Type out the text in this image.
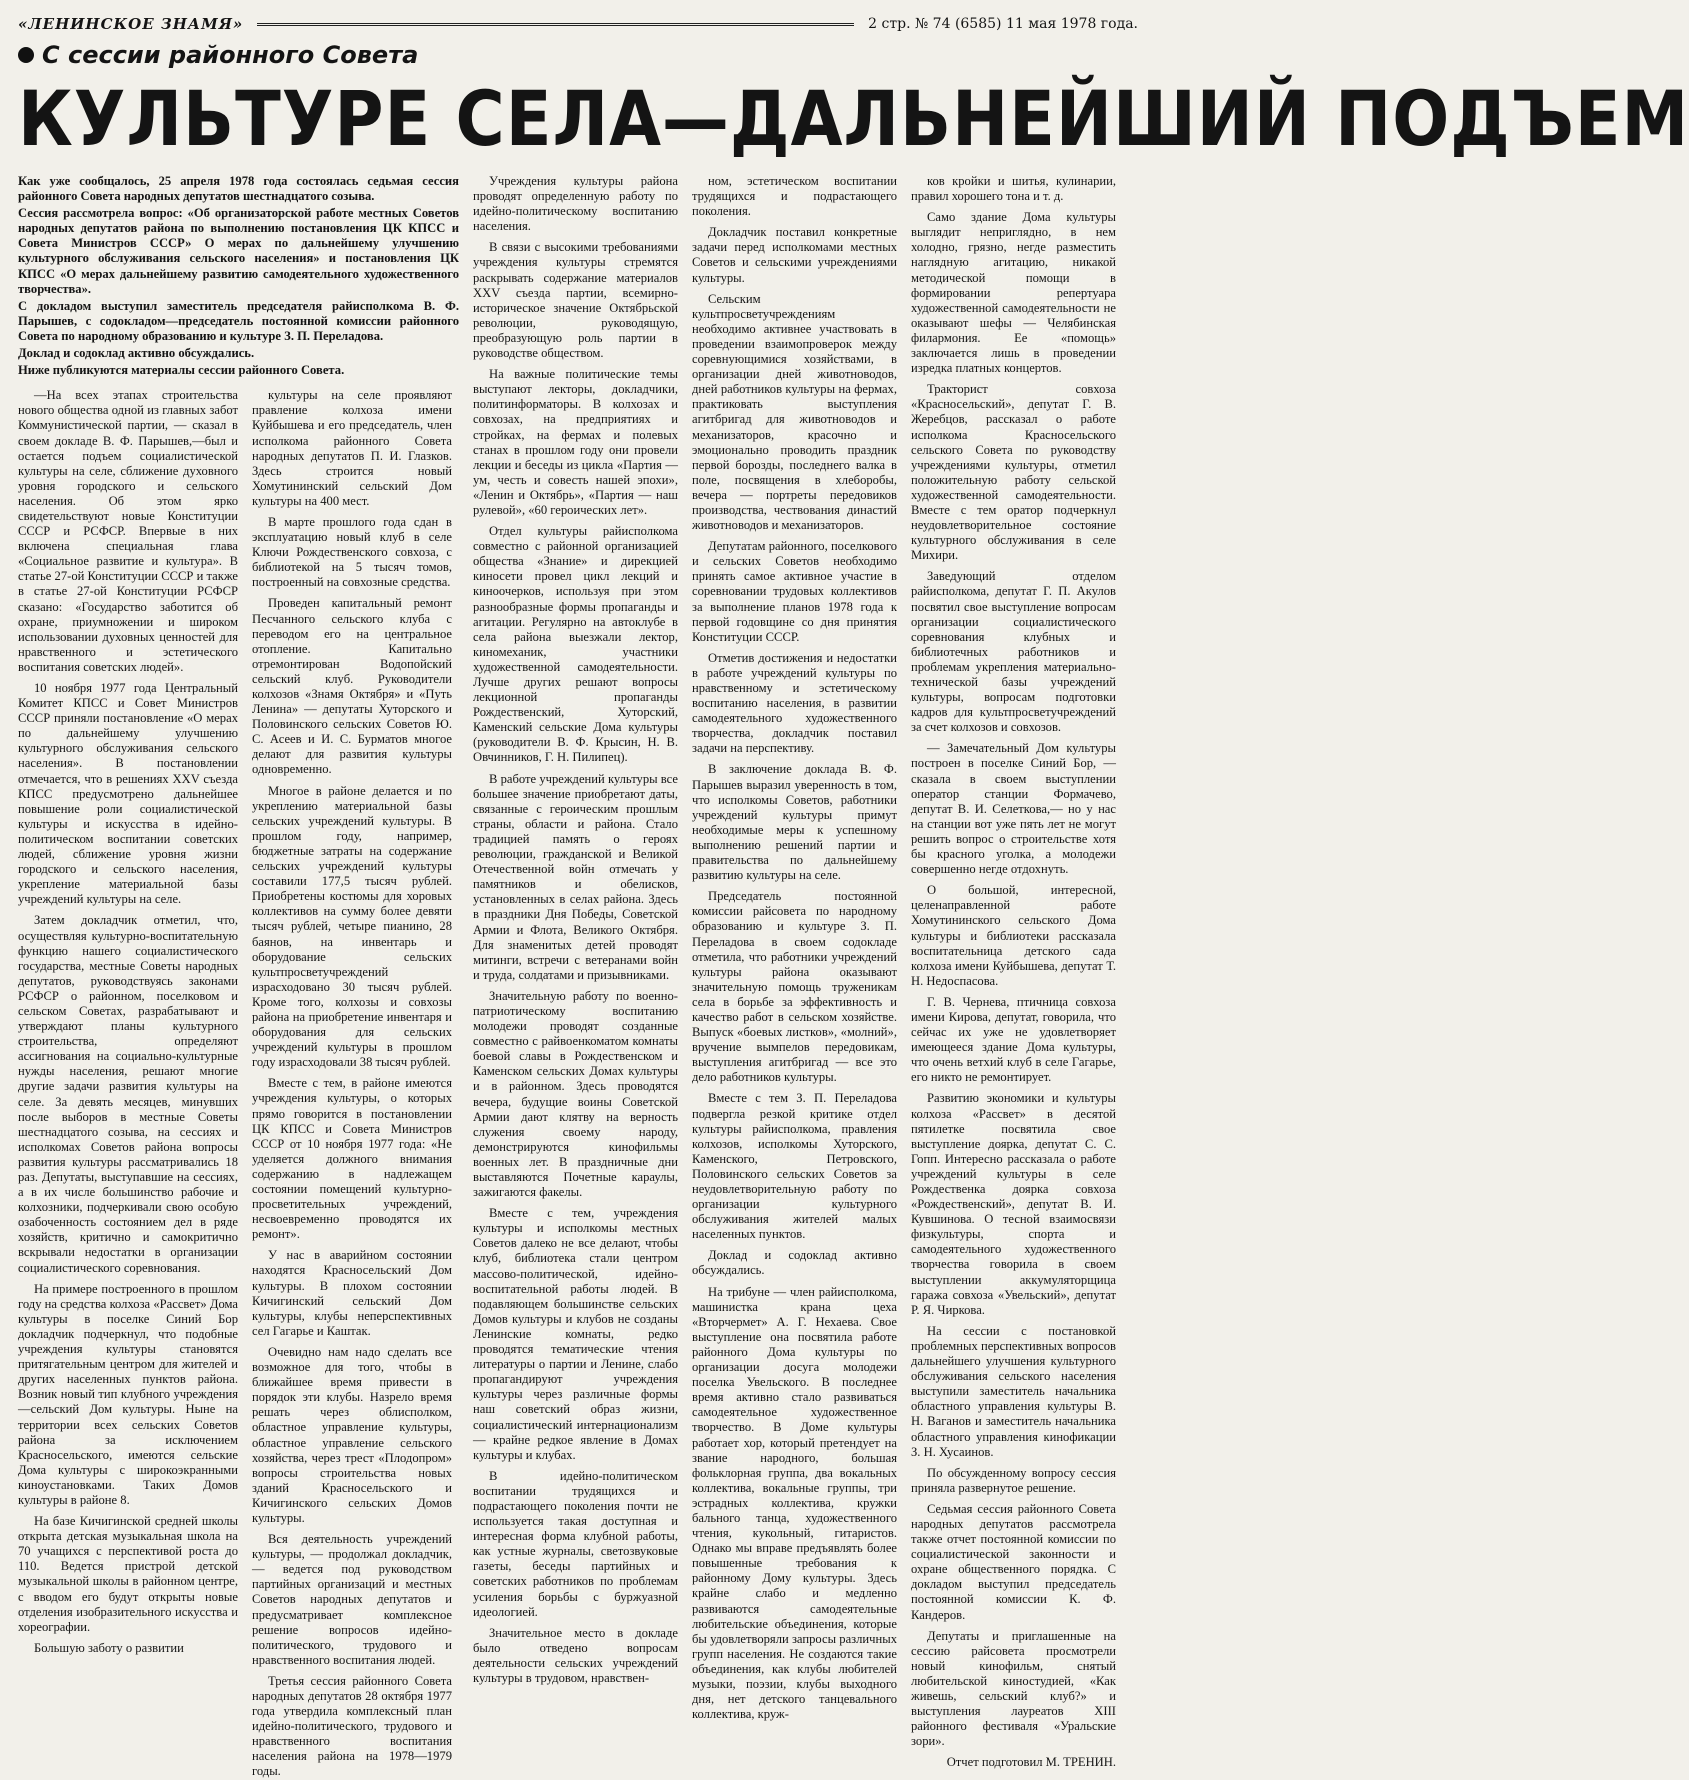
«ЛЕНИНСКОЕ ЗНАМЯ»	2 стр. № 74 (6585) 11 мая 1978 года.
С сессии районного Совета
КУЛЬТУРЕ СЕЛА—ДАЛЬНЕЙШИЙ ПОДЪЕМ

Как уже сообщалось, 25 апреля 1978 года состоялась седьмая сессия районного Совета народных депутатов шестнадцатого созыва.

Сессия рассмотрела вопрос: «Об организаторской работе местных Советов народных депутатов района по выполнению постановления ЦК КПСС и Совета Министров СССР» О мерах по дальнейшему улучшению культурного обслуживания сельского населения» и постановления ЦК КПСС «О мерах дальнейшему развитию самодеятельного художественного творчества».

С докладом выступил заместитель председателя райисполкома В. Ф. Парышев, с содокладом—председатель постоянной комиссии районного Совета по народному образованию и культуре З. П. Переладова.

Доклад и содоклад активно обсуждались.

Ниже публикуются материалы сессии районного Совета.

—На всех этапах строительства нового общества одной из главных забот Коммунистической партии, — сказал в своем докладе В. Ф. Парышев,—был и остается подъем социалистической культуры на селе, сближение духовного уровня городского и сельского населения. Об этом ярко свидетельствуют новые Конституции СССР и РСФСР. Впервые в них включена специальная глава «Социальное развитие и культура». В статье 27-ой Конституции СССР и также в статье 27-ой Конституции РСФСР сказано: «Государство заботится об охране, приумножении и широком использовании духовных ценностей для нравственного и эстетического воспитания советских людей».

10 ноября 1977 года Центральный Комитет КПСС и Совет Министров СССР приняли постановление «О мерах по дальнейшему улучшению культурного обслуживания сельского населения». В постановлении отмечается, что в решениях XXV съезда КПСС предусмотрено дальнейшее повышение роли социалистической культуры и искусства в идейно-политическом воспитании советских людей, сближение уровня жизни городского и сельского населения, укрепление материальной базы учреждений культуры на селе.

Затем докладчик отметил, что, осуществляя культурно-воспитательную функцию нашего социалистического государства, местные Советы народных депутатов, руководствуясь законами РСФСР о районном, поселковом и сельском Советах, разрабатывают и утверждают планы культурного строительства, определяют ассигнования на социально-культурные нужды населения, решают многие другие задачи развития культуры на селе. За девять месяцев, минувших после выборов в местные Советы шестнадцатого созыва, на сессиях и исполкомах Советов района вопросы развития культуры рассматривались 18 раз. Депутаты, выступавшие на сессиях, а в их числе большинство рабочие и колхозники, подчеркивали свою особую озабоченность состоянием дел в ряде хозяйств, критично и самокритично вскрывали недостатки в организации социалистического соревнования.

На примере построенного в прошлом году на средства колхоза «Рассвет» Дома культуры в поселке Синий Бор докладчик подчеркнул, что подобные учреждения культуры становятся притягательным центром для жителей и других населенных пунктов района. Возник новый тип клубного учреждения—сельский Дом культуры. Ныне на территории всех сельских Советов района за исключением Красносельского, имеются сельские Дома культуры с широкоэкранными киноустановками. Таких Домов культуры в районе 8.

На базе Кичигинской средней школы открыта детская музыкальная школа на 70 учащихся с перспективой роста до 110. Ведется пристрой детской музыкальной школы в районном центре, с вводом его будут открыты новые отделения изобразительного искусства и хореографии.

Большую заботу о развитии

культуры на селе проявляют правление колхоза имени Куйбышева и его председатель, член исполкома районного Совета народных депутатов П. И. Глазков. Здесь строится новый Хомутининский сельский Дом культуры на 400 мест.

В марте прошлого года сдан в эксплуатацию новый клуб в селе Ключи Рождественского совхоза, с библиотекой на 5 тысяч томов, построенный на совхозные средства.

Проведен капитальный ремонт Песчанного сельского клуба с переводом его на центральное отопление. Капитально отремонтирован Водопойский сельский клуб. Руководители колхозов «Знамя Октября» и «Путь Ленина» — депутаты Хуторского и Половинского сельских Советов Ю. С. Асеев и И. С. Бурматов многое делают для развития культуры одновременно.

Многое в районе делается и по укреплению материальной базы сельских учреждений культуры. В прошлом году, например, бюджетные затраты на содержание сельских учреждений культуры составили 177,5 тысяч рублей. Приобретены костюмы для хоровых коллективов на сумму более девяти тысяч рублей, четыре пианино, 28 баянов, на инвентарь и оборудование сельских культпросветучреждений израсходовано 30 тысяч рублей. Кроме того, колхозы и совхозы района на приобретение инвентаря и оборудования для сельских учреждений культуры в прошлом году израсходовали 38 тысяч рублей.

Вместе с тем, в районе имеются учреждения культуры, о которых прямо говорится в постановлении ЦК КПСС и Совета Министров СССР от 10 ноября 1977 года: «Не уделяется должного внимания содержанию в надлежащем состоянии помещений культурно-просветительных учреждений, несвоевременно проводятся их ремонт».

У нас в аварийном состоянии находятся Красносельский Дом культуры. В плохом состоянии Кичигинский сельский Дом культуры, клубы неперспективных сел Гагарье и Каштак.

Очевидно нам надо сделать все возможное для того, чтобы в ближайшее время привести в порядок эти клубы. Назрело время решать через облисполком, областное управление культуры, областное управление сельского хозяйства, через трест «Плодопром» вопросы строительства новых зданий Красносельского и Кичигинского сельских Домов культуры.

Вся деятельность учреждений культуры, — продолжал докладчик, — ведется под руководством партийных организаций и местных Советов народных депутатов и предусматривает комплексное решение вопросов идейно-политического, трудового и нравственного воспитания людей.

Третья сессия районного Совета народных депутатов 28 октября 1977 года утвердила комплексный план идейно-политического, трудового и нравственного воспитания населения района на 1978—1979 годы.

Учреждения культуры района проводят определенную работу по идейно-политическому воспитанию населения.

В связи с высокими требованиями учреждения культуры стремятся раскрывать содержание материалов XXV съезда партии, всемирно-историческое значение Октябрьской революции, руководящую, преобразующую роль партии в руководстве обществом.

На важные политические темы выступают лекторы, докладчики, политинформаторы. В колхозах и совхозах, на предприятиях и стройках, на фермах и полевых станах в прошлом году они провели лекции и беседы из цикла «Партия — ум, честь и совесть нашей эпохи», «Ленин и Октябрь», «Партия — наш рулевой», «60 героических лет».

Отдел культуры райисполкома совместно с районной организацией общества «Знание» и дирекцией киносети провел цикл лекций и киноочерков, используя при этом разнообразные формы пропаганды и агитации. Регулярно на автоклубе в села района выезжали лектор, киномеханик, участники художественной самодеятельности. Лучше других решают вопросы лекционной пропаганды Рождественский, Хуторский, Каменский сельские Дома культуры (руководители В. Ф. Крысин, Н. В. Овчинников, Г. Н. Пилипец).

В работе учреждений культуры все большее значение приобретают даты, связанные с героическим прошлым страны, области и района. Стало традицией память о героях революции, гражданской и Великой Отечественной войн отмечать у памятников и обелисков, установленных в селах района. Здесь в праздники Дня Победы, Советской Армии и Флота, Великого Октября. Для знаменитых детей проводят митинги, встречи с ветеранами войн и труда, солдатами и призывниками.

Значительную работу по военно-патриотическому воспитанию молодежи проводят созданные совместно с райвоенкоматом комнаты боевой славы в Рождественском и Каменском сельских Домах культуры и в районном. Здесь проводятся вечера, будущие воины Советской Армии дают клятву на верность служения своему народу, демонстрируются кинофильмы военных лет. В праздничные дни выставляются Почетные караулы, зажигаются факелы.

Вместе с тем, учреждения культуры и исполкомы местных Советов далеко не все делают, чтобы клуб, библиотека стали центром массово-политической, идейно-воспитательной работы людей. В подавляющем большинстве сельских Домов культуры и клубов не созданы Ленинские комнаты, редко проводятся тематические чтения литературы о партии и Ленине, слабо пропагандируют учреждения культуры через различные формы наш советский образ жизни, социалистический интернационализм — крайне редкое явление в Домах культуры и клубах.

В идейно-политическом воспитании трудящихся и подрастающего поколения почти не используется такая доступная и интересная форма клубной работы, как устные журналы, светозвуковые газеты, беседы партийных и советских работников по проблемам усиления борьбы с буржуазной идеологией.

Значительное место в докладе было отведено вопросам деятельности сельских учреждений культуры в трудовом, нравствен-

ном, эстетическом воспитании трудящихся и подрастающего поколения.

Докладчик поставил конкретные задачи перед исполкомами местных Советов и сельскими учреждениями культуры.

Сельским культпросветучреждениям необходимо активнее участвовать в проведении взаимопроверок между соревнующимися хозяйствами, в организации дней животноводов, дней работников культуры на фермах, практиковать выступления агитбригад для животноводов и механизаторов, красочно и эмоционально проводить праздник первой борозды, последнего валка в поле, посвящения в хлеборобы, вечера — портреты передовиков производства, чествования династий животноводов и механизаторов.

Депутатам районного, поселкового и сельских Советов необходимо принять самое активное участие в соревновании трудовых коллективов за выполнение планов 1978 года к первой годовщине со дня принятия Конституции СССР.

Отметив достижения и недостатки в работе учреждений культуры по нравственному и эстетическому воспитанию населения, в развитии самодеятельного художественного творчества, докладчик поставил задачи на перспективу.

В заключение доклада В. Ф. Парышев выразил уверенность в том, что исполкомы Советов, работники учреждений культуры примут необходимые меры к успешному выполнению решений партии и правительства по дальнейшему развитию культуры на селе.

Председатель постоянной комиссии райсовета по народному образованию и культуре З. П. Переладова в своем содокладе отметила, что работники учреждений культуры района оказывают значительную помощь труженикам села в борьбе за эффективность и качество работ в сельском хозяйстве. Выпуск «боевых листков», «молний», вручение вымпелов передовикам, выступления агитбригад — все это дело работников культуры.

Вместе с тем З. П. Переладова подвергла резкой критике отдел культуры райисполкома, правления колхозов, исполкомы Хуторского, Каменского, Петровского, Половинского сельских Советов за неудовлетворительную работу по организации культурного обслуживания жителей малых населенных пунктов.

Доклад и содоклад активно обсуждались.

На трибуне — член райисполкома, машинистка крана цеха «Вторчермет» А. Г. Нехаева. Свое выступление она посвятила работе районного Дома культуры по организации досуга молодежи поселка Увельского. В последнее время активно стало развиваться самодеятельное художественное творчество. В Доме культуры работает хор, который претендует на звание народного, большая фольклорная группа, два вокальных коллектива, вокальные группы, три эстрадных коллектива, кружки бального танца, художественного чтения, кукольный, гитаристов. Однако мы вправе предъявлять более повышенные требования к районному Дому культуры. Здесь крайне слабо и медленно развиваются самодеятельные любительские объединения, которые бы удовлетворяли запросы различных групп населения. Не создаются такие объединения, как клубы любителей музыки, поэзии, клубы выходного дня, нет детского танцевального коллектива, круж-

ков кройки и шитья, кулинарии, правил хорошего тона и т. д.

Само здание Дома культуры выглядит неприглядно, в нем холодно, грязно, негде разместить наглядную агитацию, никакой методической помощи в формировании репертуара художественной самодеятельности не оказывают шефы — Челябинская филармония. Ее «помощь» заключается лишь в проведении изредка платных концертов.

Тракторист совхоза «Красносельский», депутат Г. В. Жеребцов, рассказал о работе исполкома Красносельского сельского Совета по руководству учреждениями культуры, отметил положительную работу сельской художественной самодеятельности. Вместе с тем оратор подчеркнул неудовлетворительное состояние культурного обслуживания в селе Михири.

Заведующий отделом райисполкома, депутат Г. П. Акулов посвятил свое выступление вопросам организации социалистического соревнования клубных и библиотечных работников и проблемам укрепления материально-технической базы учреждений культуры, вопросам подготовки кадров для культпросветучреждений за счет колхозов и совхозов.

— Замечательный Дом культуры построен в поселке Синий Бор, — сказала в своем выступлении оператор станции Формачево, депутат В. И. Селеткова,— но у нас на станции вот уже пять лет не могут решить вопрос о строительстве хотя бы красного уголка, а молодежи совершенно негде отдохнуть.

О большой, интересной, целенаправленной работе Хомутининского сельского Дома культуры и библиотеки рассказала воспитательница детского сада колхоза имени Куйбышева, депутат Т. Н. Недоспасова.

Г. В. Чернева, птичница совхоза имени Кирова, депутат, говорила, что сейчас их уже не удовлетворяет имеющееся здание Дома культуры, что очень ветхий клуб в селе Гагарье, его никто не ремонтирует.

Развитию экономики и культуры колхоза «Рассвет» в десятой пятилетке посвятила свое выступление доярка, депутат С. С. Гопп. Интересно рассказала о работе учреждений культуры в селе Рождественка доярка совхоза «Рождественский», депутат В. И. Кувшинова. О тесной взаимосвязи физкультуры, спорта и самодеятельного художественного творчества говорила в своем выступлении аккумуляторщица гаража совхоза «Увельский», депутат Р. Я. Чиркова.

На сессии с постановкой проблемных перспективных вопросов дальнейшего улучшения культурного обслуживания сельского населения выступили заместитель начальника областного управления культуры В. Н. Ваганов и заместитель начальника областного управления кинофикации З. Н. Хусаинов.

По обсужденному вопросу сессия приняла развернутое решение.

Седьмая сессия районного Совета народных депутатов рассмотрела также отчет постоянной комиссии по социалистической законности и охране общественного порядка. С докладом выступил председатель постоянной комиссии К. Ф. Кандеров.

Депутаты и приглашенные на сессию райсовета просмотрели новый кинофильм, снятый любительской киностудией, «Как живешь, сельский клуб?» и выступления лауреатов XIII районного фестиваля «Уральские зори».

Отчет подготовил М. ТРЕНИН.
